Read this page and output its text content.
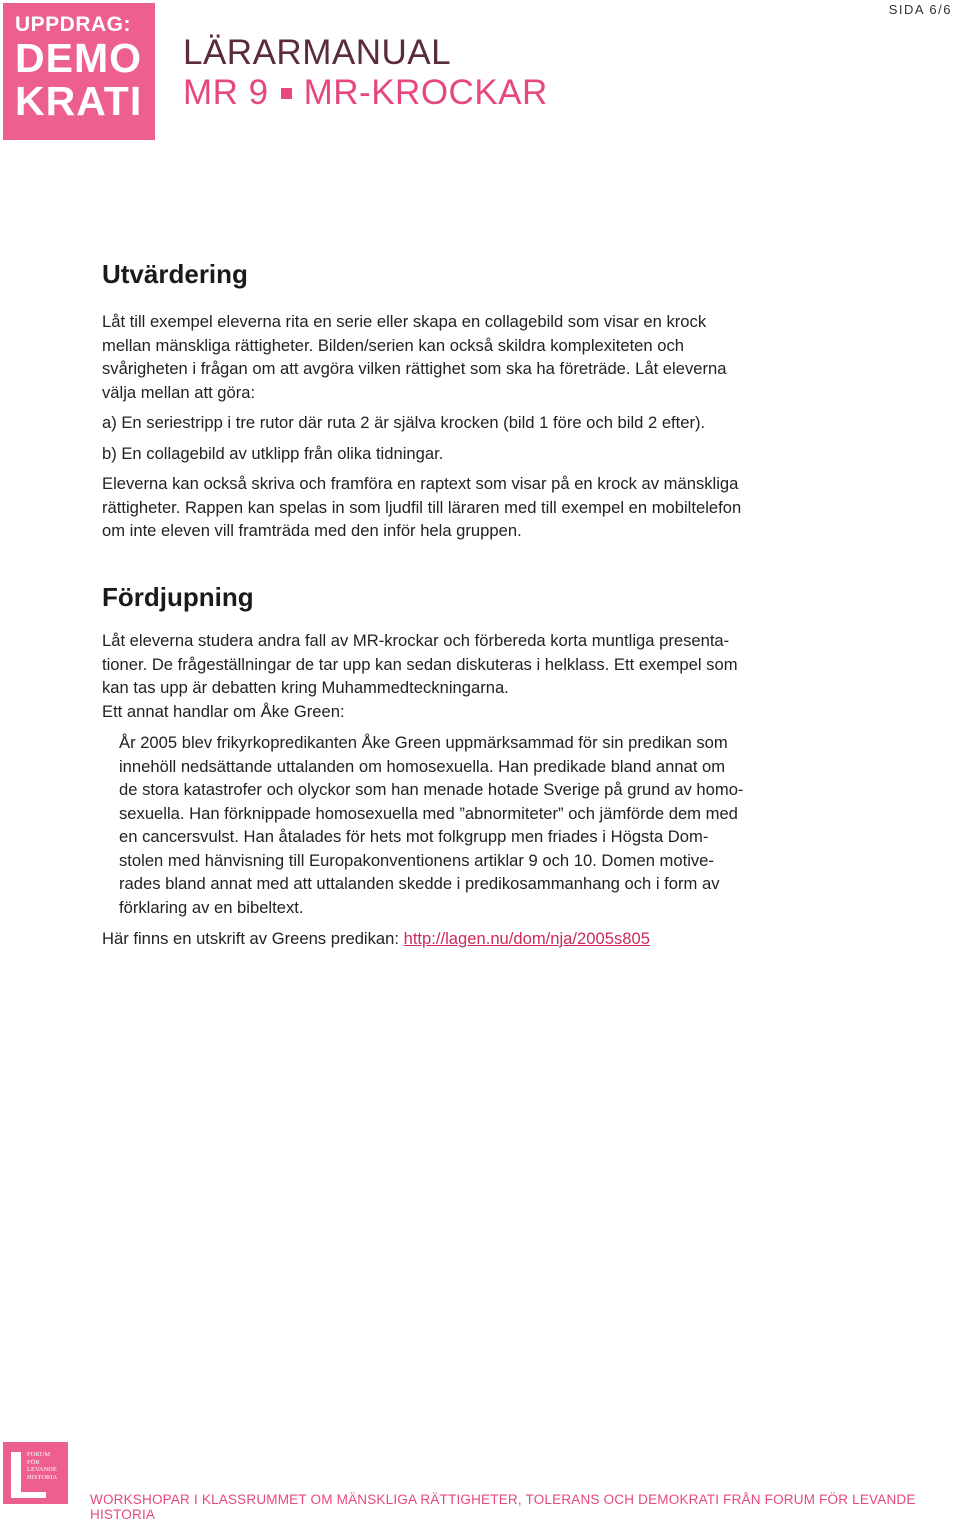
SIDA 6/6
UPPDRAG:
DEMO
KRATI
LÄRARMANUAL
MR 9 MR-KROCKAR
Utvärdering

Låt till exempel eleverna rita en serie eller skapa en collagebild som visar en krock

mellan mänskliga rättigheter. Bilden/serien kan också skildra komplexiteten och

svårigheten i frågan om att avgöra vilken rättighet som ska ha företräde. Låt eleverna

välja mellan att göra:

a) En seriestripp i tre rutor där ruta 2 är själva krocken (bild 1 före och bild 2 efter).

b) En collagebild av utklipp från olika tidningar.

Eleverna kan också skriva och framföra en raptext som visar på en krock av mänskliga

rättigheter. Rappen kan spelas in som ljudfil till läraren med till exempel en mobiltelefon

om inte eleven vill framträda med den inför hela gruppen.

Fördjupning

Låt eleverna studera andra fall av MR-krockar och förbereda korta muntliga presenta-

tioner. De frågeställningar de tar upp kan sedan diskuteras i helklass. Ett exempel som

kan tas upp är debatten kring Muhammedteckningarna.

Ett annat handlar om Åke Green:

År 2005 blev frikyrkopredikanten Åke Green uppmärksammad för sin predikan som

innehöll nedsättande uttalanden om homosexuella. Han predikade bland annat om

de stora katastrofer och olyckor som han menade hotade Sverige på grund av homo-

sexuella. Han förknippade homosexuella med ”abnormiteter” och jämförde dem med

en cancersvulst. Han åtalades för hets mot folkgrupp men friades i Högsta Dom-

stolen med hänvisning till Europakonventionens artiklar 9 och 10. Domen motive-

rades bland annat med att uttalanden skedde i predikosammanhang och i form av

förklaring av en bibeltext.

Här finns en utskrift av Greens predikan: http://lagen.nu/dom/nja/2005s805

FORUM
FÖR
LEVANDE
HISTORIA
WORKSHOPAR I KLASSRUMMET OM MÄNSKLIGA RÄTTIGHETER, TOLERANS OCH DEMOKRATI FRÅN FORUM FÖR LEVANDE HISTORIA
